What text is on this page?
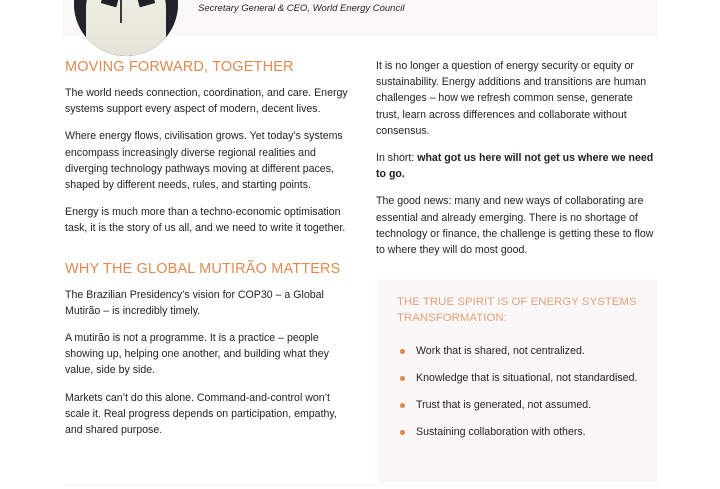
Secretary General & CEO, World Energy Council
MOVING FORWARD, TOGETHER

The world needs connection, coordination, and care. Energy systems support every aspect of modern, decent lives.

Where energy flows, civilisation grows. Yet today’s systems encompass increasingly diverse regional realities and diverging technology pathways moving at different paces, shaped by different needs, rules, and starting points.

Energy is much more than a techno-economic optimisation task, it is the story of us all, and we need to write it together.

WHY THE GLOBAL MUTIRÃO MATTERS

The Brazilian Presidency’s vision for COP30 – a Global Mutirão – is incredibly timely.

A mutirão is not a programme. It is a practice – people showing up, helping one another, and building what they value, side by side.

Markets can’t do this alone. Command-and-control won’t scale it. Real progress depends on participation, empathy, and shared purpose.

It is no longer a question of energy security or equity or sustainability. Energy additions and transitions are human challenges – how we refresh common sense, generate trust, learn across differences and collaborate without consensus.

In short: what got us here will not get us where we need to go.

The good news: many and new ways of collaborating are essential and already emerging. There is no shortage of technology or finance, the challenge is getting these to flow to where they will do most good.

THE TRUE SPIRIT IS OF ENERGY SYSTEMS TRANSFORMATION:
Work that is shared, not centralized.
Knowledge that is situational, not standardised.
Trust that is generated, not assumed.
Sustaining collaboration with others.
